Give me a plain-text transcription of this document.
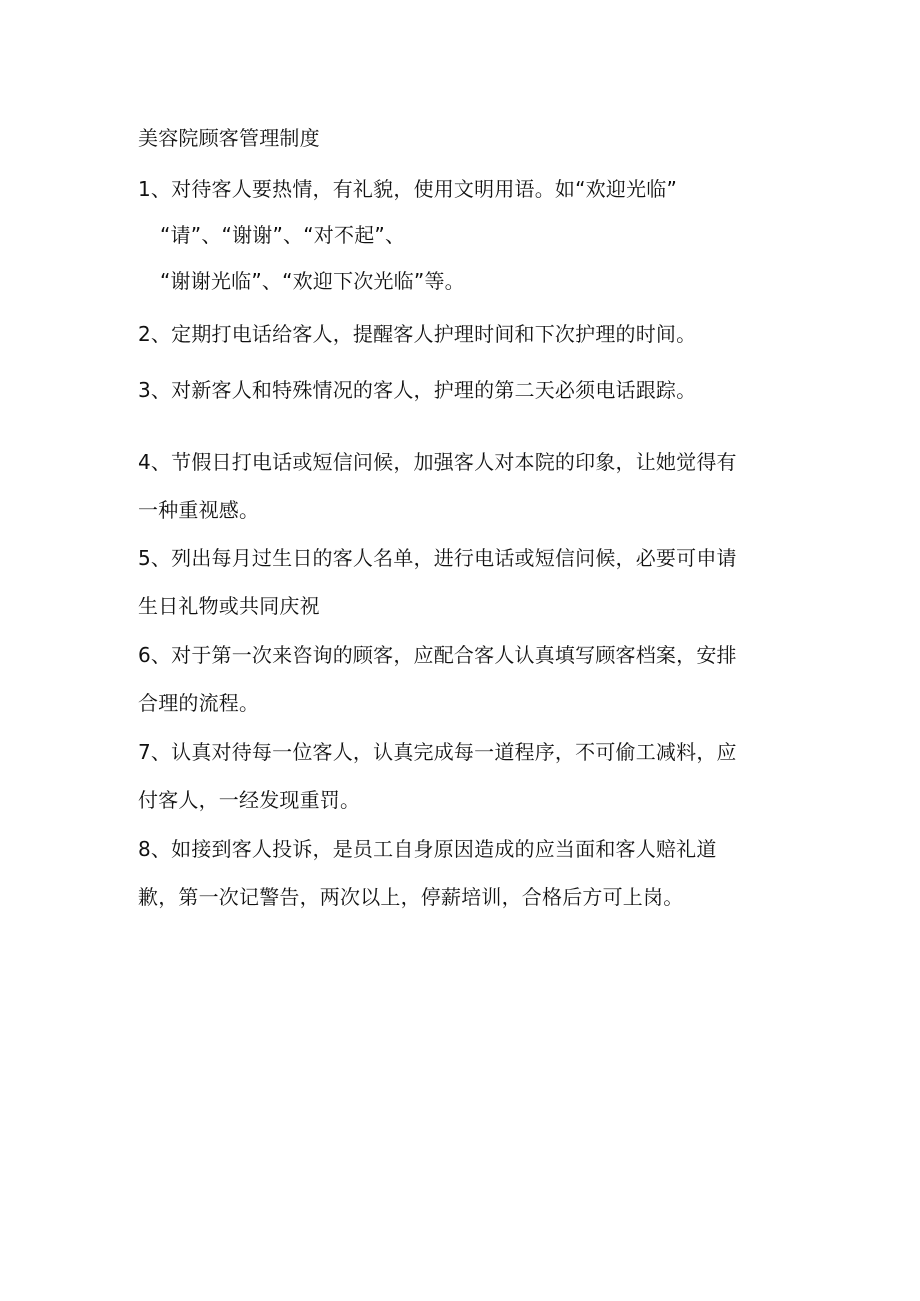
美容院顾客管理制度
1、对待客人要热情，有礼貌，使用文明用语。如“欢迎光临”
“请”、“谢谢”、“对不起”、
“谢谢光临”、“欢迎下次光临”等。
2、定期打电话给客人，提醒客人护理时间和下次护理的时间。
3、对新客人和特殊情况的客人，护理的第二天必须电话跟踪。
4、节假日打电话或短信问候，加强客人对本院的印象，让她觉得有
一种重视感。
5、列出每月过生日的客人名单，进行电话或短信问候，必要可申请
生日礼物或共同庆祝
6、对于第一次来咨询的顾客，应配合客人认真填写顾客档案，安排
合理的流程。
7、认真对待每一位客人，认真完成每一道程序，不可偷工减料，应
付客人，一经发现重罚。
8、如接到客人投诉，是员工自身原因造成的应当面和客人赔礼道
歉，第一次记警告，两次以上，停薪培训，合格后方可上岗。
